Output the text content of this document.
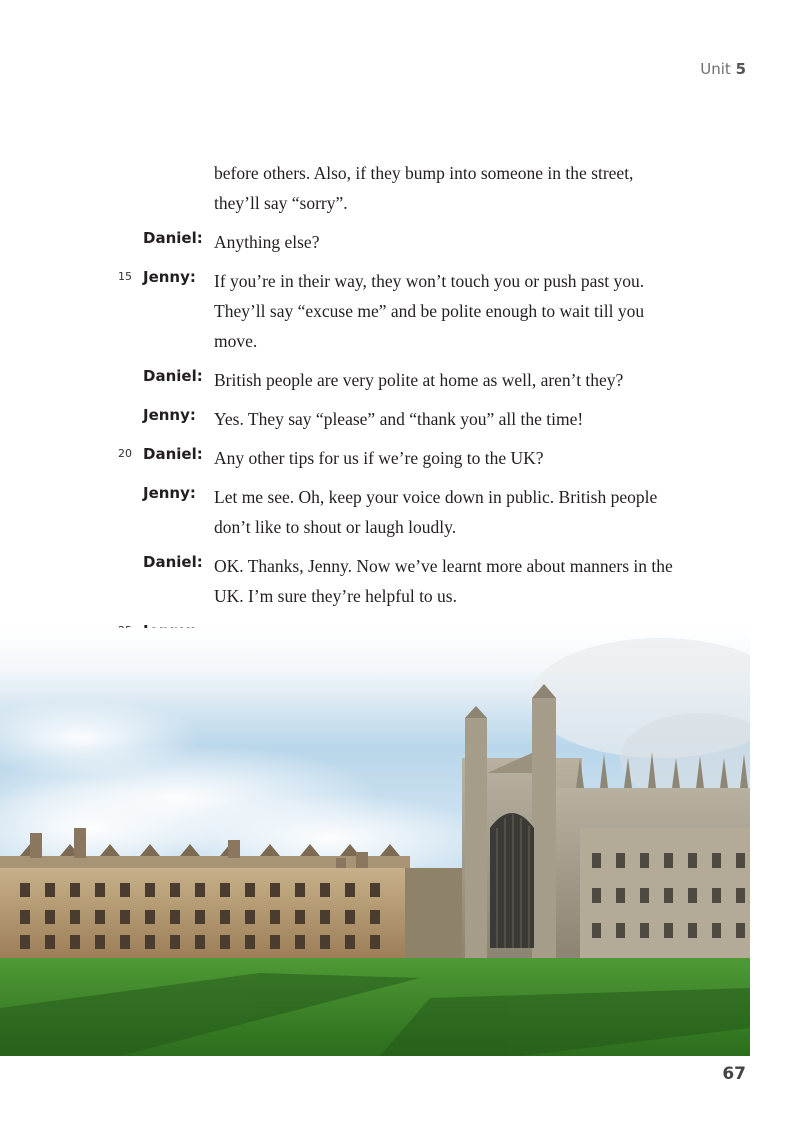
Unit 5

before others. Also, if they bump into someone in the street,

they’ll say “sorry”.

Daniel: Anything else?

15 Jenny: If you’re in their way, they won’t touch you or push past you.

They’ll say “excuse me” and be polite enough to wait till you

move.

Daniel: British people are very polite at home as well, aren’t they?

Jenny: Yes. They say “please” and “thank you” all the time!

20 Daniel: Any other tips for us if we’re going to the UK?

Jenny: Let me see. Oh, keep your voice down in public. British people

don’t like to shout or laugh loudly.

Daniel: OK. Thanks, Jenny. Now we’ve learnt more about manners in the

UK. I’m sure they’re helpful to us.

67
